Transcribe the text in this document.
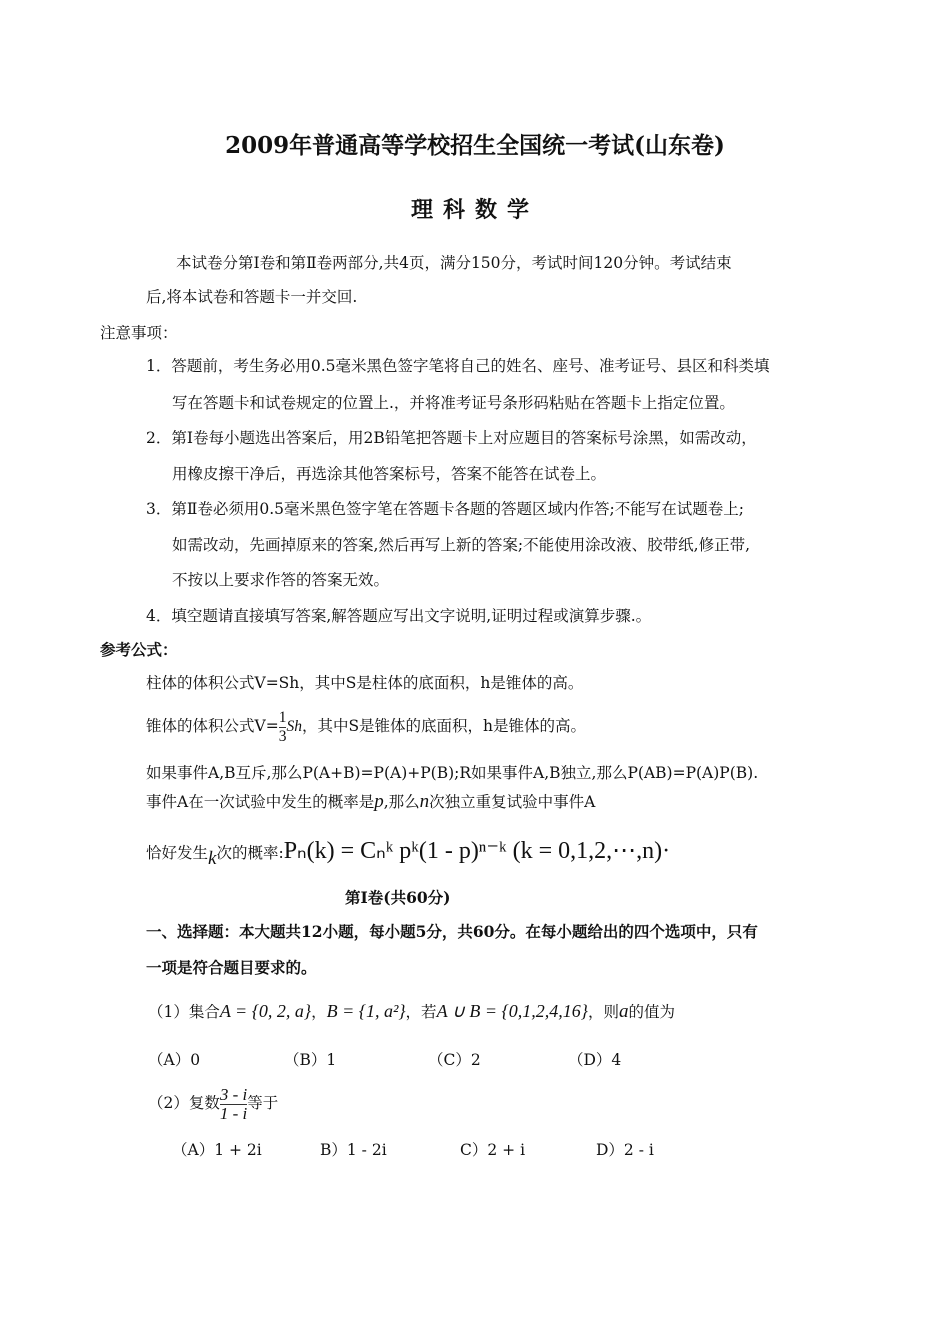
2009年普通高等学校招生全国统一考试(山东卷)
理科数学
本试卷分第Ⅰ卷和第Ⅱ卷两部分,共4页，满分150分，考试时间120分钟。考试结束
后,将本试卷和答题卡一并交回.
注意事项：
1．答题前，考生务必用0.5毫米黑色签字笔将自己的姓名、座号、准考证号、县区和科类填
写在答题卡和试卷规定的位置上.，并将准考证号条形码粘贴在答题卡上指定位置。
2．第Ⅰ卷每小题选出答案后，用2B铅笔把答题卡上对应题目的答案标号涂黑，如需改动，
用橡皮擦干净后，再选涂其他答案标号，答案不能答在试卷上。
3．第Ⅱ卷必须用0.5毫米黑色签字笔在答题卡各题的答题区域内作答;不能写在试题卷上;
如需改动，先画掉原来的答案,然后再写上新的答案;不能使用涂改液、胶带纸,修正带,
不按以上要求作答的答案无效。
4．填空题请直接填写答案,解答题应写出文字说明,证明过程或演算步骤.。
参考公式：
柱体的体积公式V=Sh，其中S是柱体的底面积，h是锥体的高。
锥体的体积公式$V= \frac{1}{3}$ Sh，其中S是锥体的底面积，h是锥体的高。
如果事件A,B互斥,那么P(A+B)=P(A)+P(B);R如果事件A,B独立,那么P(AB)=P(A)P(B).
事件A在一次试验中发生的概率是p,那么n次独立重复试验中事件A
恰好发生k次的概率:Pₙ(k) = Cₙᵏ pᵏ(1 - p)ⁿ⁻ᵏ (k = 0,1,2,⋯,n)·
第Ⅰ卷(共60分)
一、选择题：本大题共12小题，每小题5分，共60分。在每小题给出的四个选项中，只有
一项是符合题目要求的。
（1）集合A = {0, 2, a}，B = {1, a²}，若A ∪ B = {0,1,2,4,16}，则a的值为
（A）0	（B）1	（C）2	（D）4
（2）复数 $\frac{3 - i}{1 - i}$ 等于
（A）1 + 2i	B）1 - 2i	C）2 + i	D）2 - i
